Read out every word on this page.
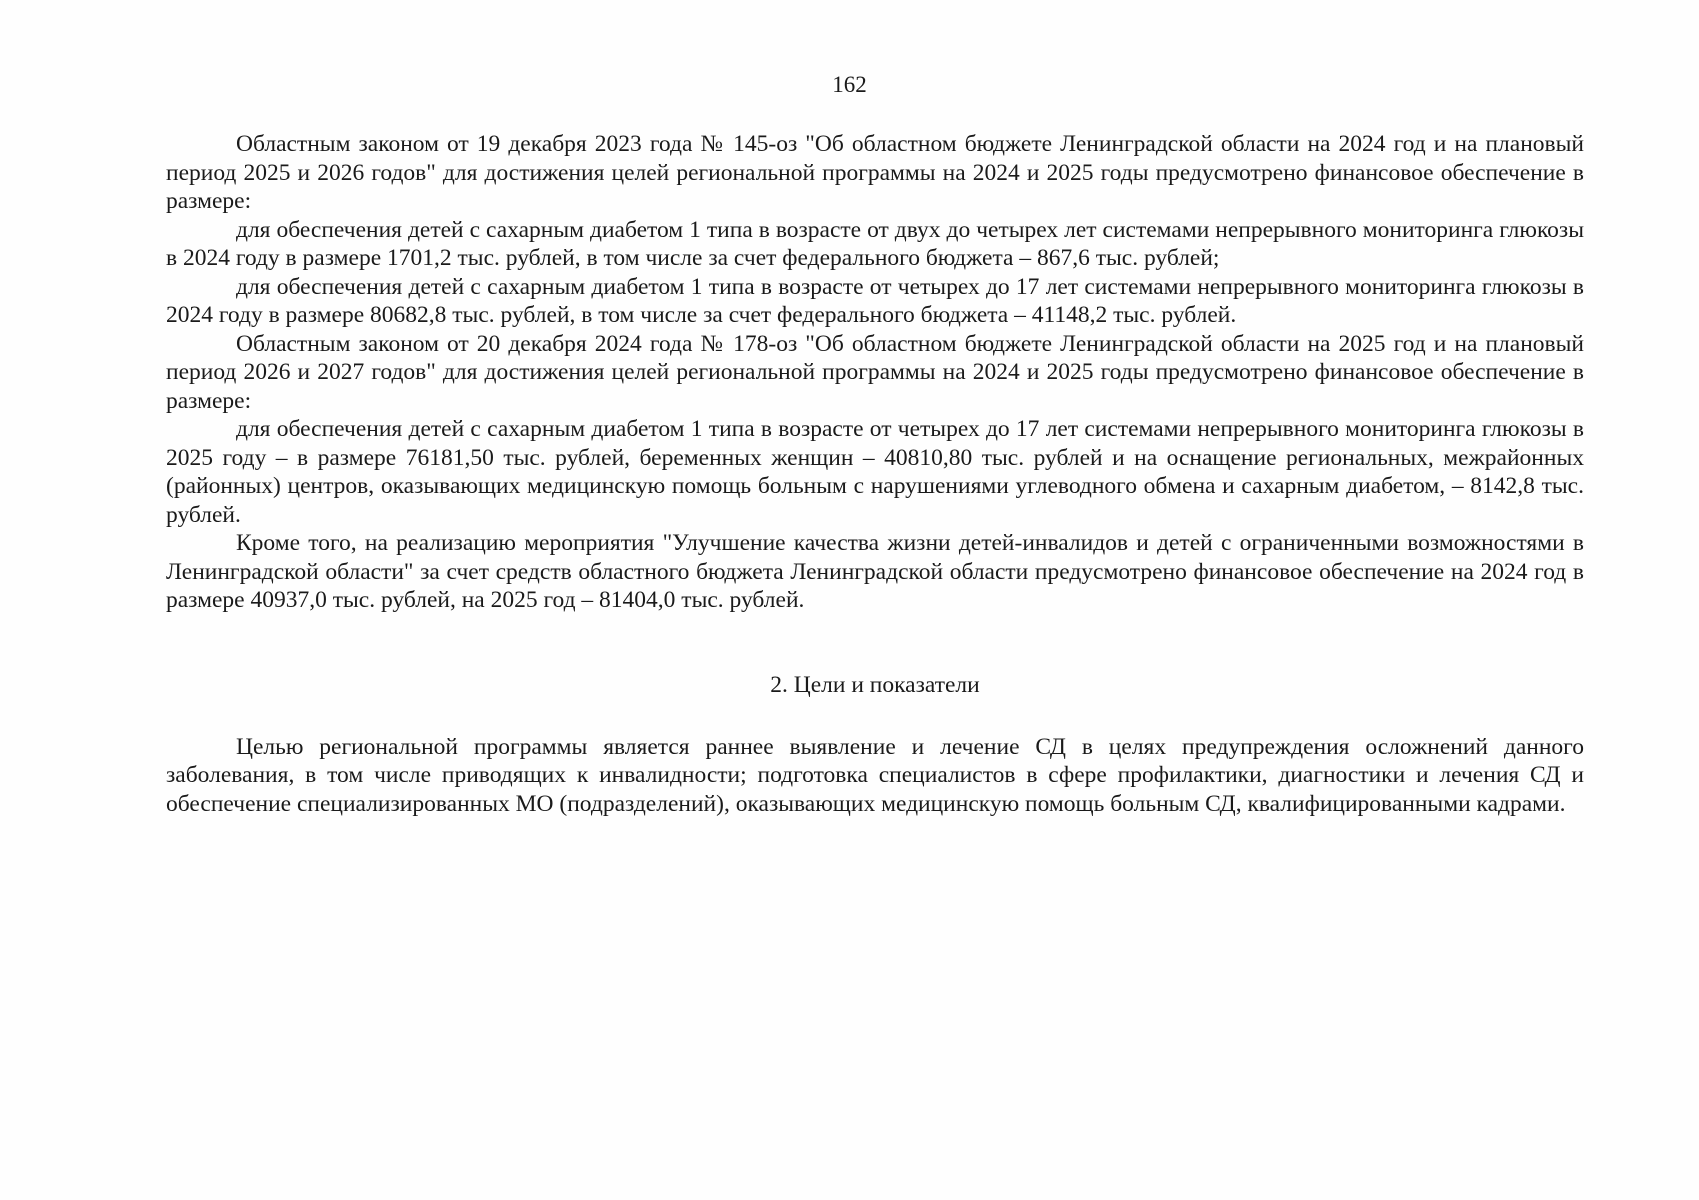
162

Областным законом от 19 декабря 2023 года № 145-оз "Об областном бюджете Ленинградской области на 2024 год и на плановый период 2025 и 2026 годов" для достижения целей региональной программы на 2024 и 2025 годы предусмотрено финансовое обеспечение в размере:

для обеспечения детей с сахарным диабетом 1 типа в возрасте от двух до четырех лет системами непрерывного мониторинга глюкозы в 2024 году в размере 1701,2 тыс. рублей, в том числе за счет федерального бюджета – 867,6 тыс. рублей;

для обеспечения детей с сахарным диабетом 1 типа в возрасте от четырех до 17 лет системами непрерывного мониторинга глюкозы в 2024 году в размере 80682,8 тыс. рублей, в том числе за счет федерального бюджета – 41148,2 тыс. рублей.

Областным законом от 20 декабря 2024 года № 178-оз "Об областном бюджете Ленинградской области на 2025 год и на плановый период 2026 и 2027 годов" для достижения целей региональной программы на 2024 и 2025 годы предусмотрено финансовое обеспечение в размере:

для обеспечения детей с сахарным диабетом 1 типа в возрасте от четырех до 17 лет системами непрерывного мониторинга глюкозы в 2025 году – в размере 76181,50 тыс. рублей, беременных женщин – 40810,80 тыс. рублей и на оснащение региональных, межрайонных (районных) центров, оказывающих медицинскую помощь больным с нарушениями углеводного обмена и сахарным диабетом, – 8142,8 тыс. рублей.

Кроме того, на реализацию мероприятия "Улучшение качества жизни детей-инвалидов и детей с ограниченными возможностями в Ленинградской области" за счет средств областного бюджета Ленинградской области предусмотрено финансовое обеспечение на 2024 год в размере 40937,0 тыс. рублей, на 2025 год – 81404,0 тыс. рублей.

2. Цели и показатели

Целью региональной программы является раннее выявление и лечение СД в целях предупреждения осложнений данного заболевания, в том числе приводящих к инвалидности; подготовка специалистов в сфере профилактики, диагностики и лечения СД и обеспечение специализированных МО (подразделений), оказывающих медицинскую помощь больным СД, квалифицированными кадрами.
